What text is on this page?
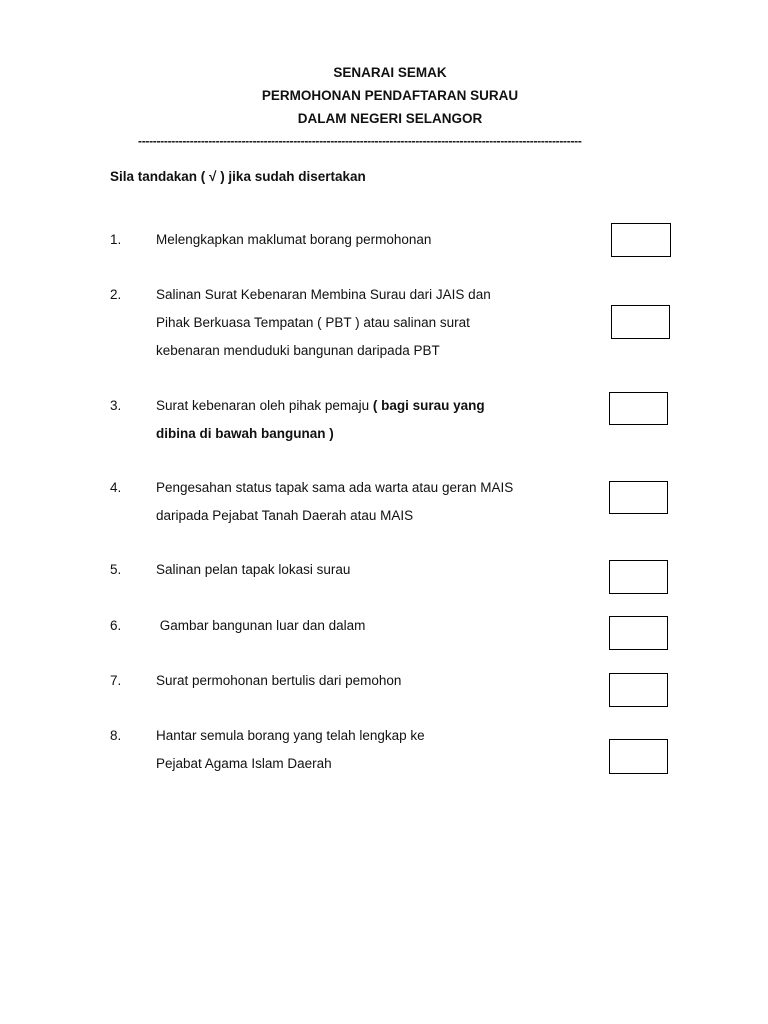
SENARAI SEMAK
PERMOHONAN PENDAFTARAN SURAU
DALAM NEGERI SELANGOR
------------------------------------------------------------------------------------------------------------------------
Sila tandakan ( √ ) jika sudah disertakan
1.	Melengkapkan maklumat borang permohonan
2.	Salinan Surat Kebenaran Membina Surau dari JAIS dan
Pihak Berkuasa Tempatan ( PBT ) atau salinan surat
kebenaran menduduki bangunan daripada PBT
3.	Surat kebenaran oleh pihak pemaju ( bagi surau yang
dibina di bawah bangunan )
4.	Pengesahan status tapak sama ada warta atau geran MAIS
daripada Pejabat Tanah Daerah atau MAIS
5.	Salinan pelan tapak lokasi surau
6.	Gambar bangunan luar dan dalam
7.	Surat permohonan bertulis dari pemohon
8.	Hantar semula borang yang telah lengkap ke
Pejabat Agama Islam Daerah
